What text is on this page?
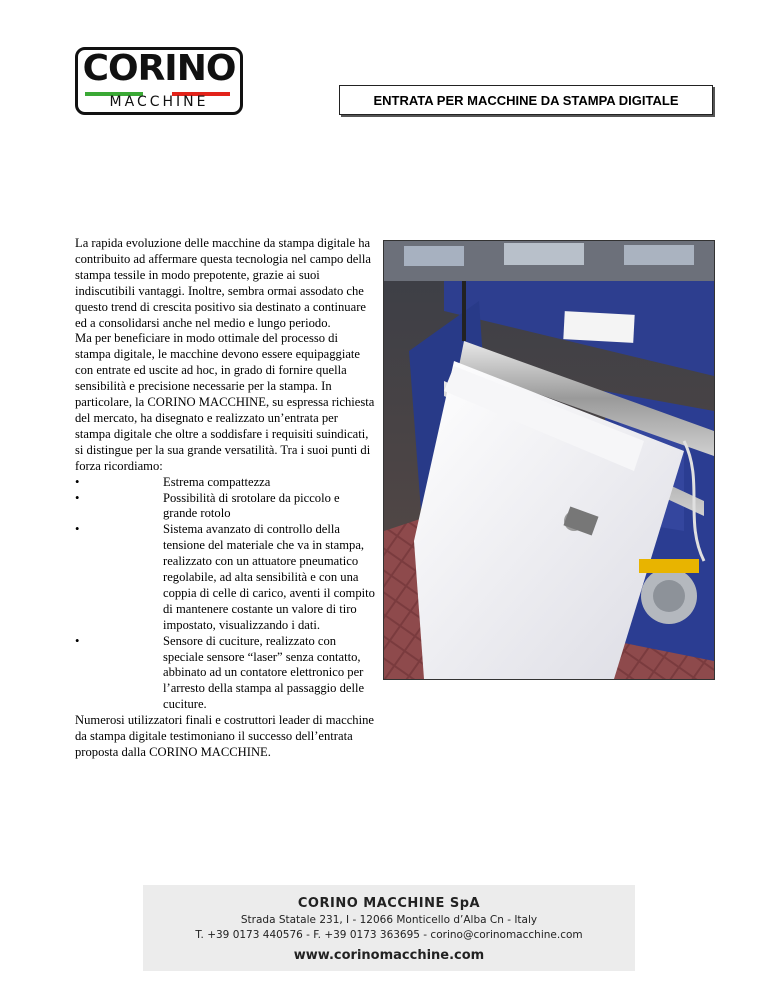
CORINO
MACCHINE	ENTRATA PER MACCHINE DA STAMPA DIGITALE

La rapida evoluzione delle macchine da stampa digitale ha contribuito ad affermare questa tecnologia nel campo della stampa tessile in modo prepotente, grazie ai suoi indiscutibili vantaggi. Inoltre, sembra ormai assodato che questo trend di crescita positivo sia destinato a continuare ed a consolidarsi anche nel medio e lungo periodo.

Ma per beneficiare in modo ottimale del processo di stampa digitale, le macchine devono essere equipaggiate con entrate ed uscite ad hoc, in grado di fornire quella sensibilità e precisione necessarie per la stampa. In particolare, la CORINO MACCHINE, su espressa richiesta del mercato, ha disegnato e realizzato un’entrata per stampa digitale che oltre a soddisfare i requisiti suindicati, si distingue per la sua grande versatilità. Tra i suoi punti di forza ricordiamo:

•	Estrema compattezza
•	Possibilità di srotolare da piccolo e grande rotolo
•	Sistema avanzato di controllo della tensione del materiale che va in stampa, realizzato con un attuatore pneumatico regolabile, ad alta sensibilità e con una coppia di celle di carico, aventi il compito di mantenere costante un valore di tiro impostato, visualizzando i dati.
•	Sensore di cuciture, realizzato con speciale sensore “laser” senza contatto, abbinato ad un contatore elettronico per l’arresto della stampa al passaggio delle cuciture.

Numerosi utilizzatori finali e costruttori leader di macchine da stampa digitale testimoniano il successo dell’entrata proposta dalla CORINO MACCHINE.

CORINO MACCHINE SpA
Strada Statale 231, I - 12066 Monticello d’Alba Cn - Italy
T. +39 0173 440576 - F. +39 0173 363695 - corino@corinomacchine.com
www.corinomacchine.com
